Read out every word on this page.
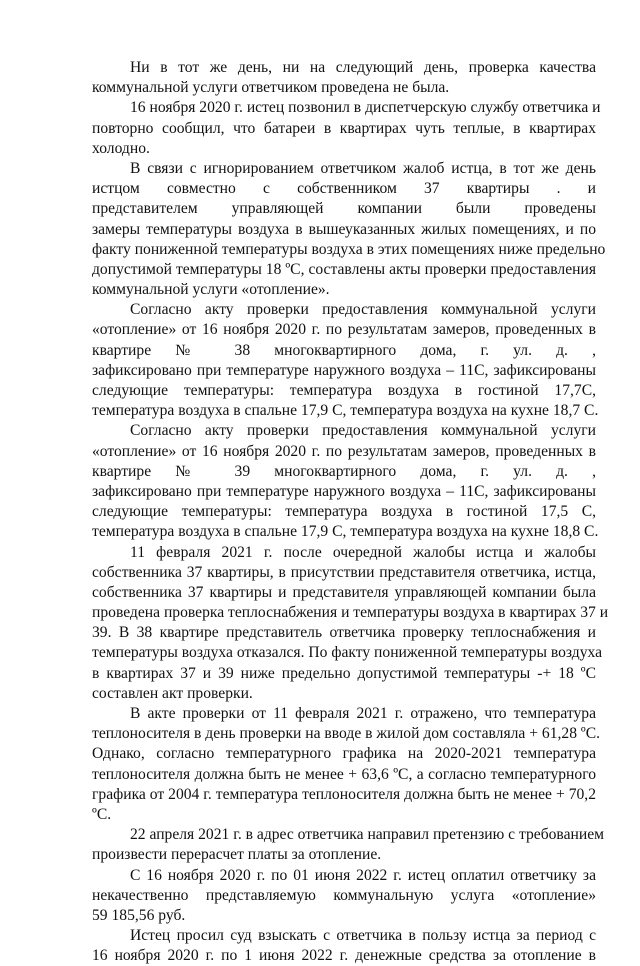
Ни в тот же день, ни на следующий день, проверка качества
коммунальной услуги ответчиком проведена не была.
16 ноября 2020 г. истец позвонил в диспетчерскую службу ответчика и
повторно сообщил, что батареи в квартирах чуть теплые, в квартирах
холодно.
В связи с игнорированием ответчиком жалоб истца, в тот же день
истцом совместно с собственником 37 квартиры . и
представителем управляющей компании были проведены
замеры температуры воздуха в вышеуказанных жилых помещениях, и по
факту пониженной температуры воздуха в этих помещениях ниже предельно
допустимой температуры 18 ºС, составлены акты проверки предоставления
коммунальной услуги «отопление».
Согласно акту проверки предоставления коммунальной услуги
«отопление» от 16 ноября 2020 г. по результатам замеров, проведенных в
квартире № 38 многоквартирного дома, г. ул. д. ,
зафиксировано при температуре наружного воздуха – 11С, зафиксированы
следующие температуры: температура воздуха в гостиной 17,7С,
температура воздуха в спальне 17,9 С, температура воздуха на кухне 18,7 С.
Согласно акту проверки предоставления коммунальной услуги
«отопление» от 16 ноября 2020 г. по результатам замеров, проведенных в
квартире № 39 многоквартирного дома, г. ул. д. ,
зафиксировано при температуре наружного воздуха – 11С, зафиксированы
следующие температуры: температура воздуха в гостиной 17,5 С,
температура воздуха в спальне 17,9 С, температура воздуха на кухне 18,8 С.
11 февраля 2021 г. после очередной жалобы истца и жалобы
собственника 37 квартиры, в присутствии представителя ответчика, истца,
собственника 37 квартиры и представителя управляющей компании была
проведена проверка теплоснабжения и температуры воздуха в квартирах 37 и
39. В 38 квартире представитель ответчика проверку теплоснабжения и
температуры воздуха отказался. По факту пониженной температуры воздуха
в квартирах 37 и 39 ниже предельно допустимой температуры -+ 18 ºС
составлен акт проверки.
В акте проверки от 11 февраля 2021 г. отражено, что температура
теплоносителя в день проверки на вводе в жилой дом составляла + 61,28 ºС.
Однако, согласно температурного графика на 2020-2021 температура
теплоносителя должна быть не менее + 63,6 ºС, а согласно температурного
графика от 2004 г. температура теплоносителя должна быть не менее + 70,2
ºС.
22 апреля 2021 г. в адрес ответчика направил претензию с требованием
произвести перерасчет платы за отопление.
С 16 ноября 2020 г. по 01 июня 2022 г. истец оплатил ответчику за
некачественно представляемую коммунальную услуга «отопление»
59 185,56 руб.
Истец просил суд взыскать с ответчика в пользу истца за период с
16 ноября 2020 г. по 1 июня 2022 г. денежные средства за отопление в
